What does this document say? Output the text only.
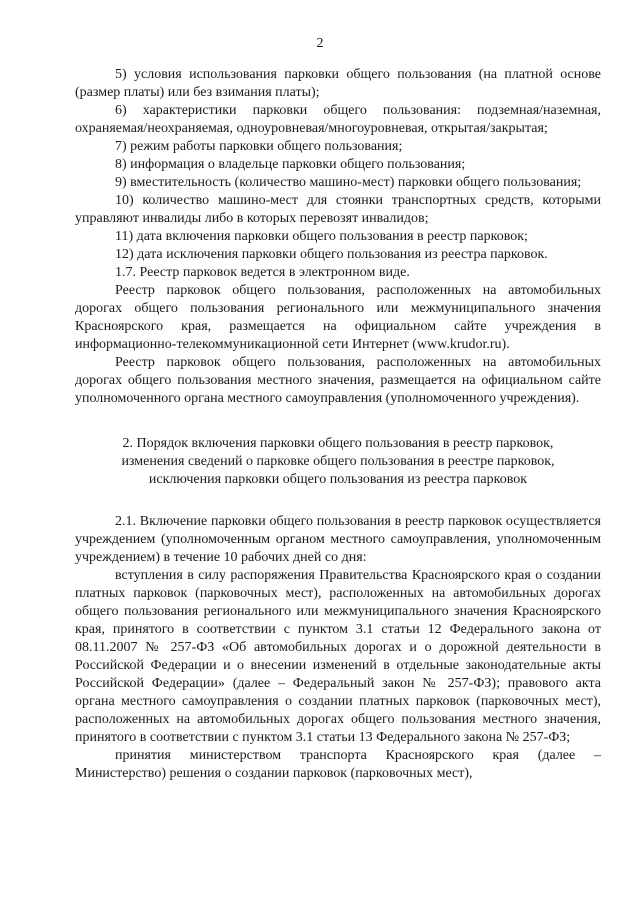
2

5) условия использования парковки общего пользования (на платной основе (размер платы) или без взимания платы);

6) характеристики парковки общего пользования: подземная/наземная, охраняемая/неохраняемая, одноуровневая/многоуровневая, открытая/закрытая;

7) режим работы парковки общего пользования;

8) информация о владельце парковки общего пользования;

9) вместительность (количество машино-мест) парковки общего пользования;

10) количество машино-мест для стоянки транспортных средств, которыми управляют инвалиды либо в которых перевозят инвалидов;

11) дата включения парковки общего пользования в реестр парковок;

12) дата исключения парковки общего пользования из реестра парковок.

1.7. Реестр парковок ведется в электронном виде.

Реестр парковок общего пользования, расположенных на автомобильных дорогах общего пользования регионального или межмуниципального значения Красноярского края, размещается на официальном сайте учреждения в информационно-телекоммуникационной сети Интернет (www.krudor.ru).

Реестр парковок общего пользования, расположенных на автомобильных дорогах общего пользования местного значения, размещается на официальном сайте уполномоченного органа местного самоуправления (уполномоченного учреждения).

2. Порядок включения парковки общего пользования в реестр парковок, изменения сведений о парковке общего пользования в реестре парковок, исключения парковки общего пользования из реестра парковок

2.1. Включение парковки общего пользования в реестр парковок осуществляется учреждением (уполномоченным органом местного самоуправления, уполномоченным учреждением) в течение 10 рабочих дней со дня:

вступления в силу распоряжения Правительства Красноярского края о создании платных парковок (парковочных мест), расположенных на автомобильных дорогах общего пользования регионального или межмуниципального значения Красноярского края, принятого в соответствии с пунктом 3.1 статьи 12 Федерального закона от 08.11.2007 № 257-ФЗ «Об автомобильных дорогах и о дорожной деятельности в Российской Федерации и о внесении изменений в отдельные законодательные акты Российской Федерации» (далее – Федеральный закон № 257-ФЗ); правового акта органа местного самоуправления о создании платных парковок (парковочных мест), расположенных на автомобильных дорогах общего пользования местного значения, принятого в соответствии с пунктом 3.1 статьи 13 Федерального закона № 257-ФЗ;

принятия министерством транспорта Красноярского края (далее – Министерство) решения о создании парковок (парковочных мест),
